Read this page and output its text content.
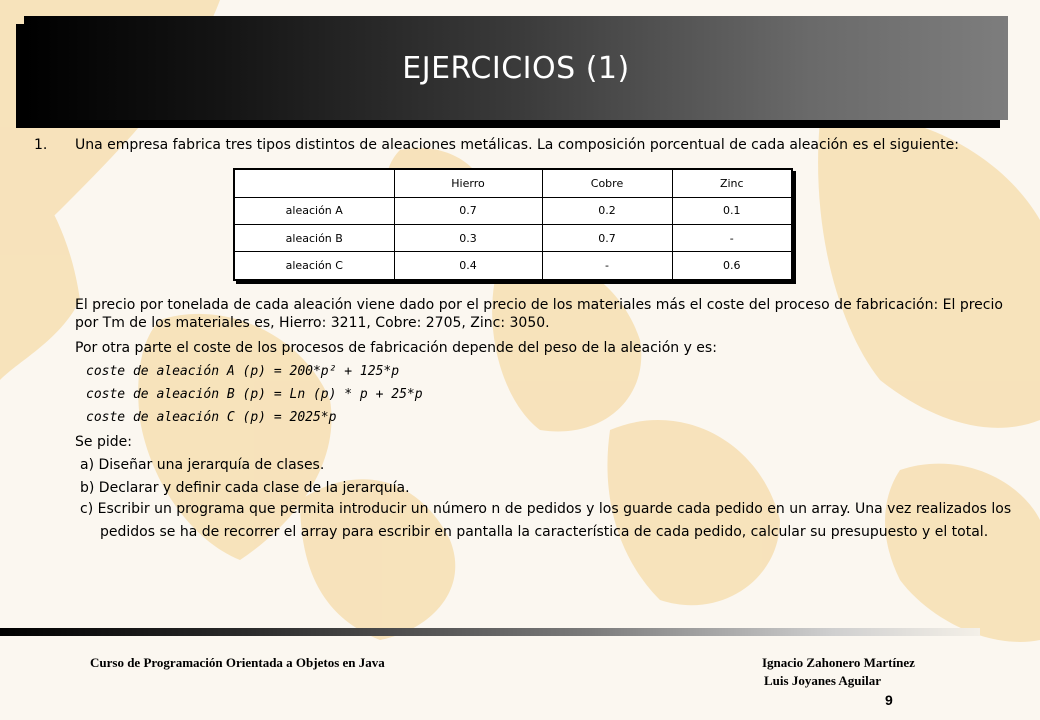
EJERCICIOS (1)
1. Una empresa fabrica tres tipos distintos de aleaciones metálicas. La composición porcentual de cada aleación es el siguiente:
	Hierro	Cobre	Zinc
aleación A	0.7	0.2	0.1
aleación B	0.3	0.7	-
aleación C	0.4	-	0.6
El precio por tonelada de cada aleación viene dado por el precio de los materiales más el coste del proceso de fabricación: El precio
por Tm de los materiales es, Hierro: 3211, Cobre: 2705, Zinc: 3050.
Por otra parte el coste de los procesos de fabricación depende del peso de la aleación y es:
coste de aleación A (p) = 200*p² + 125*p
coste de aleación B (p) = Ln (p) * p + 25*p
coste de aleación C (p) = 2025*p
Se pide:
a) Diseñar una jerarquía de clases.
b) Declarar y definir cada clase de la jerarquía.
c) Escribir un programa que permita introducir un número n de pedidos y los guarde cada pedido en un array. Una vez realizados los
pedidos se ha de recorrer el array para escribir en pantalla la característica de cada pedido, calcular su presupuesto y el total.
Curso de Programación Orientada a Objetos en Java	Ignacio Zahonero Martínez
Luis Joyanes Aguilar
9
